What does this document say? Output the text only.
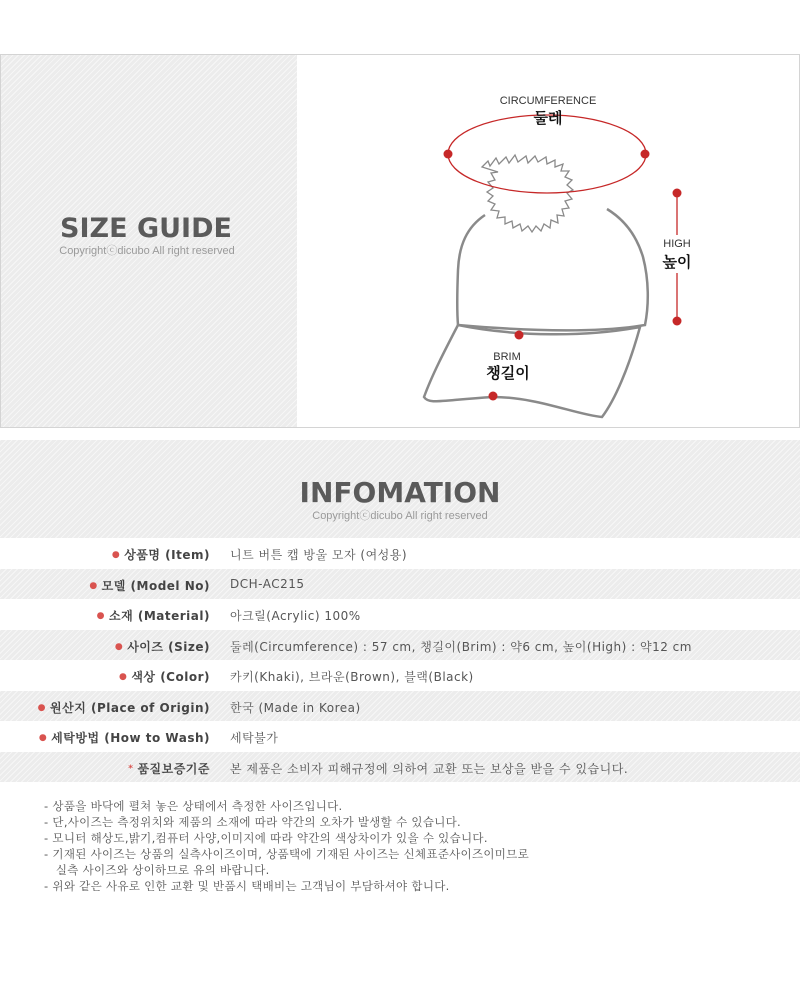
SIZE GUIDE
Copyrightⓒdicubo All right reserved
CIRCUMFERENCE
둘레
HIGH
높이
BRIM
챙길이
INFOMATION
Copyrightⓒdicubo All right reserved
● 상품명 (Item) 니트 버튼 캡 방울 모자 (여성용)
● 모델 (Model No) DCH-AC215
● 소재 (Material) 아크릴(Acrylic) 100%
● 사이즈 (Size) 둘레(Circumference) : 57 cm, 챙길이(Brim) : 약6 cm, 높이(High) : 약12 cm
● 색상 (Color) 카키(Khaki), 브라운(Brown), 블랙(Black)
● 원산지 (Place of Origin) 한국 (Made in Korea)
● 세탁방법 (How to Wash) 세탁불가
* 품질보증기준 본 제품은 소비자 피해규정에 의하여 교환 또는 보상을 받을 수 있습니다.
- 상품을 바닥에 펼쳐 놓은 상태에서 측정한 사이즈입니다.
- 단,사이즈는 측정위치와 제품의 소재에 따라 약간의 오차가 발생할 수 있습니다.
- 모니터 해상도,밝기,컴퓨터 사양,이미지에 따라 약간의 색상차이가 있을 수 있습니다.
- 기재된 사이즈는 상품의 실측사이즈이며, 상품택에 기재된 사이즈는 신체표준사이즈이미므로
실측 사이즈와 상이하므로 유의 바랍니다.
- 위와 같은 사유로 인한 교환 및 반품시 택배비는 고객님이 부담하셔야 합니다.
